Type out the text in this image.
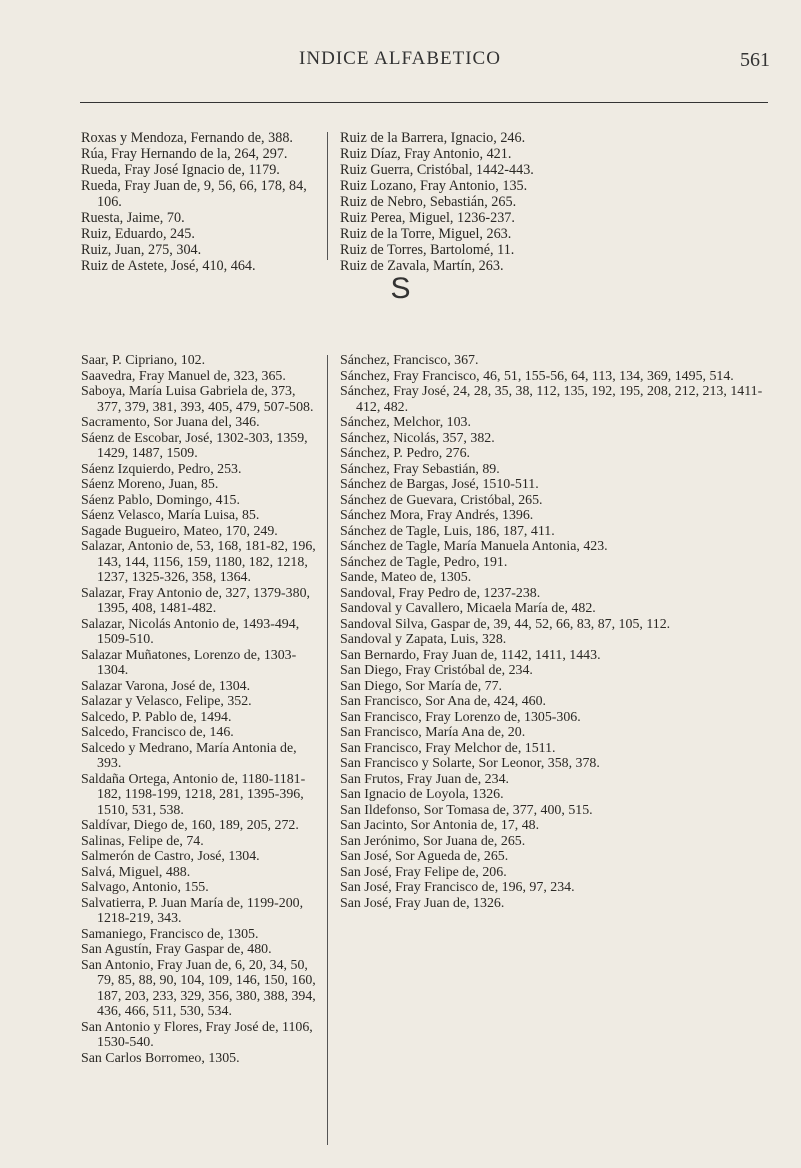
INDICE ALFABETICO	561

Roxas y Mendoza, Fernando de, 388.

Rúa, Fray Hernando de la, 264, 297.

Rueda, Fray José Ignacio de, 1179.

Rueda, Fray Juan de, 9, 56, 66, 178, 84, 106.

Ruesta, Jaime, 70.

Ruiz, Eduardo, 245.

Ruiz, Juan, 275, 304.

Ruiz de Astete, José, 410, 464.

Ruiz de la Barrera, Ignacio, 246.

Ruiz Díaz, Fray Antonio, 421.

Ruiz Guerra, Cristóbal, 1442-443.

Ruiz Lozano, Fray Antonio, 135.

Ruiz de Nebro, Sebastián, 265.

Ruiz Perea, Miguel, 1236-237.

Ruiz de la Torre, Miguel, 263.

Ruiz de Torres, Bartolomé, 11.

Ruiz de Zavala, Martín, 263.

S

Saar, P. Cipriano, 102.

Saavedra, Fray Manuel de, 323, 365.

Saboya, María Luisa Gabriela de, 373, 377, 379, 381, 393, 405, 479, 507-508.

Sacramento, Sor Juana del, 346.

Sáenz de Escobar, José, 1302-303, 1359, 1429, 1487, 1509.

Sáenz Izquierdo, Pedro, 253.

Sáenz Moreno, Juan, 85.

Sáenz Pablo, Domingo, 415.

Sáenz Velasco, María Luisa, 85.

Sagade Bugueiro, Mateo, 170, 249.

Salazar, Antonio de, 53, 168, 181-82, 196, 143, 144, 1156, 159, 1180, 182, 1218, 1237, 1325-326, 358, 1364.

Salazar, Fray Antonio de, 327, 1379-380, 1395, 408, 1481-482.

Salazar, Nicolás Antonio de, 1493-494, 1509-510.

Salazar Muñatones, Lorenzo de, 1303-1304.

Salazar Varona, José de, 1304.

Salazar y Velasco, Felipe, 352.

Salcedo, P. Pablo de, 1494.

Salcedo, Francisco de, 146.

Salcedo y Medrano, María Antonia de, 393.

Saldaña Ortega, Antonio de, 1180-1181-182, 1198-199, 1218, 281, 1395-396, 1510, 531, 538.

Saldívar, Diego de, 160, 189, 205, 272.

Salinas, Felipe de, 74.

Salmerón de Castro, José, 1304.

Salvá, Miguel, 488.

Salvago, Antonio, 155.

Salvatierra, P. Juan María de, 1199-200, 1218-219, 343.

Samaniego, Francisco de, 1305.

San Agustín, Fray Gaspar de, 480.

San Antonio, Fray Juan de, 6, 20, 34, 50, 79, 85, 88, 90, 104, 109, 146, 150, 160, 187, 203, 233, 329, 356, 380, 388, 394, 436, 466, 511, 530, 534.

San Antonio y Flores, Fray José de, 1106, 1530-540.

San Carlos Borromeo, 1305.

Sánchez, Francisco, 367.

Sánchez, Fray Francisco, 46, 51, 155-56, 64, 113, 134, 369, 1495, 514.

Sánchez, Fray José, 24, 28, 35, 38, 112, 135, 192, 195, 208, 212, 213, 1411-412, 482.

Sánchez, Melchor, 103.

Sánchez, Nicolás, 357, 382.

Sánchez, P. Pedro, 276.

Sánchez, Fray Sebastián, 89.

Sánchez de Bargas, José, 1510-511.

Sánchez de Guevara, Cristóbal, 265.

Sánchez Mora, Fray Andrés, 1396.

Sánchez de Tagle, Luis, 186, 187, 411.

Sánchez de Tagle, María Manuela Antonia, 423.

Sánchez de Tagle, Pedro, 191.

Sande, Mateo de, 1305.

Sandoval, Fray Pedro de, 1237-238.

Sandoval y Cavallero, Micaela María de, 482.

Sandoval Silva, Gaspar de, 39, 44, 52, 66, 83, 87, 105, 112.

Sandoval y Zapata, Luis, 328.

San Bernardo, Fray Juan de, 1142, 1411, 1443.

San Diego, Fray Cristóbal de, 234.

San Diego, Sor María de, 77.

San Francisco, Sor Ana de, 424, 460.

San Francisco, Fray Lorenzo de, 1305-306.

San Francisco, María Ana de, 20.

San Francisco, Fray Melchor de, 1511.

San Francisco y Solarte, Sor Leonor, 358, 378.

San Frutos, Fray Juan de, 234.

San Ignacio de Loyola, 1326.

San Ildefonso, Sor Tomasa de, 377, 400, 515.

San Jacinto, Sor Antonia de, 17, 48.

San Jerónimo, Sor Juana de, 265.

San José, Sor Agueda de, 265.

San José, Fray Felipe de, 206.

San José, Fray Francisco de, 196, 97, 234.

San José, Fray Juan de, 1326.
